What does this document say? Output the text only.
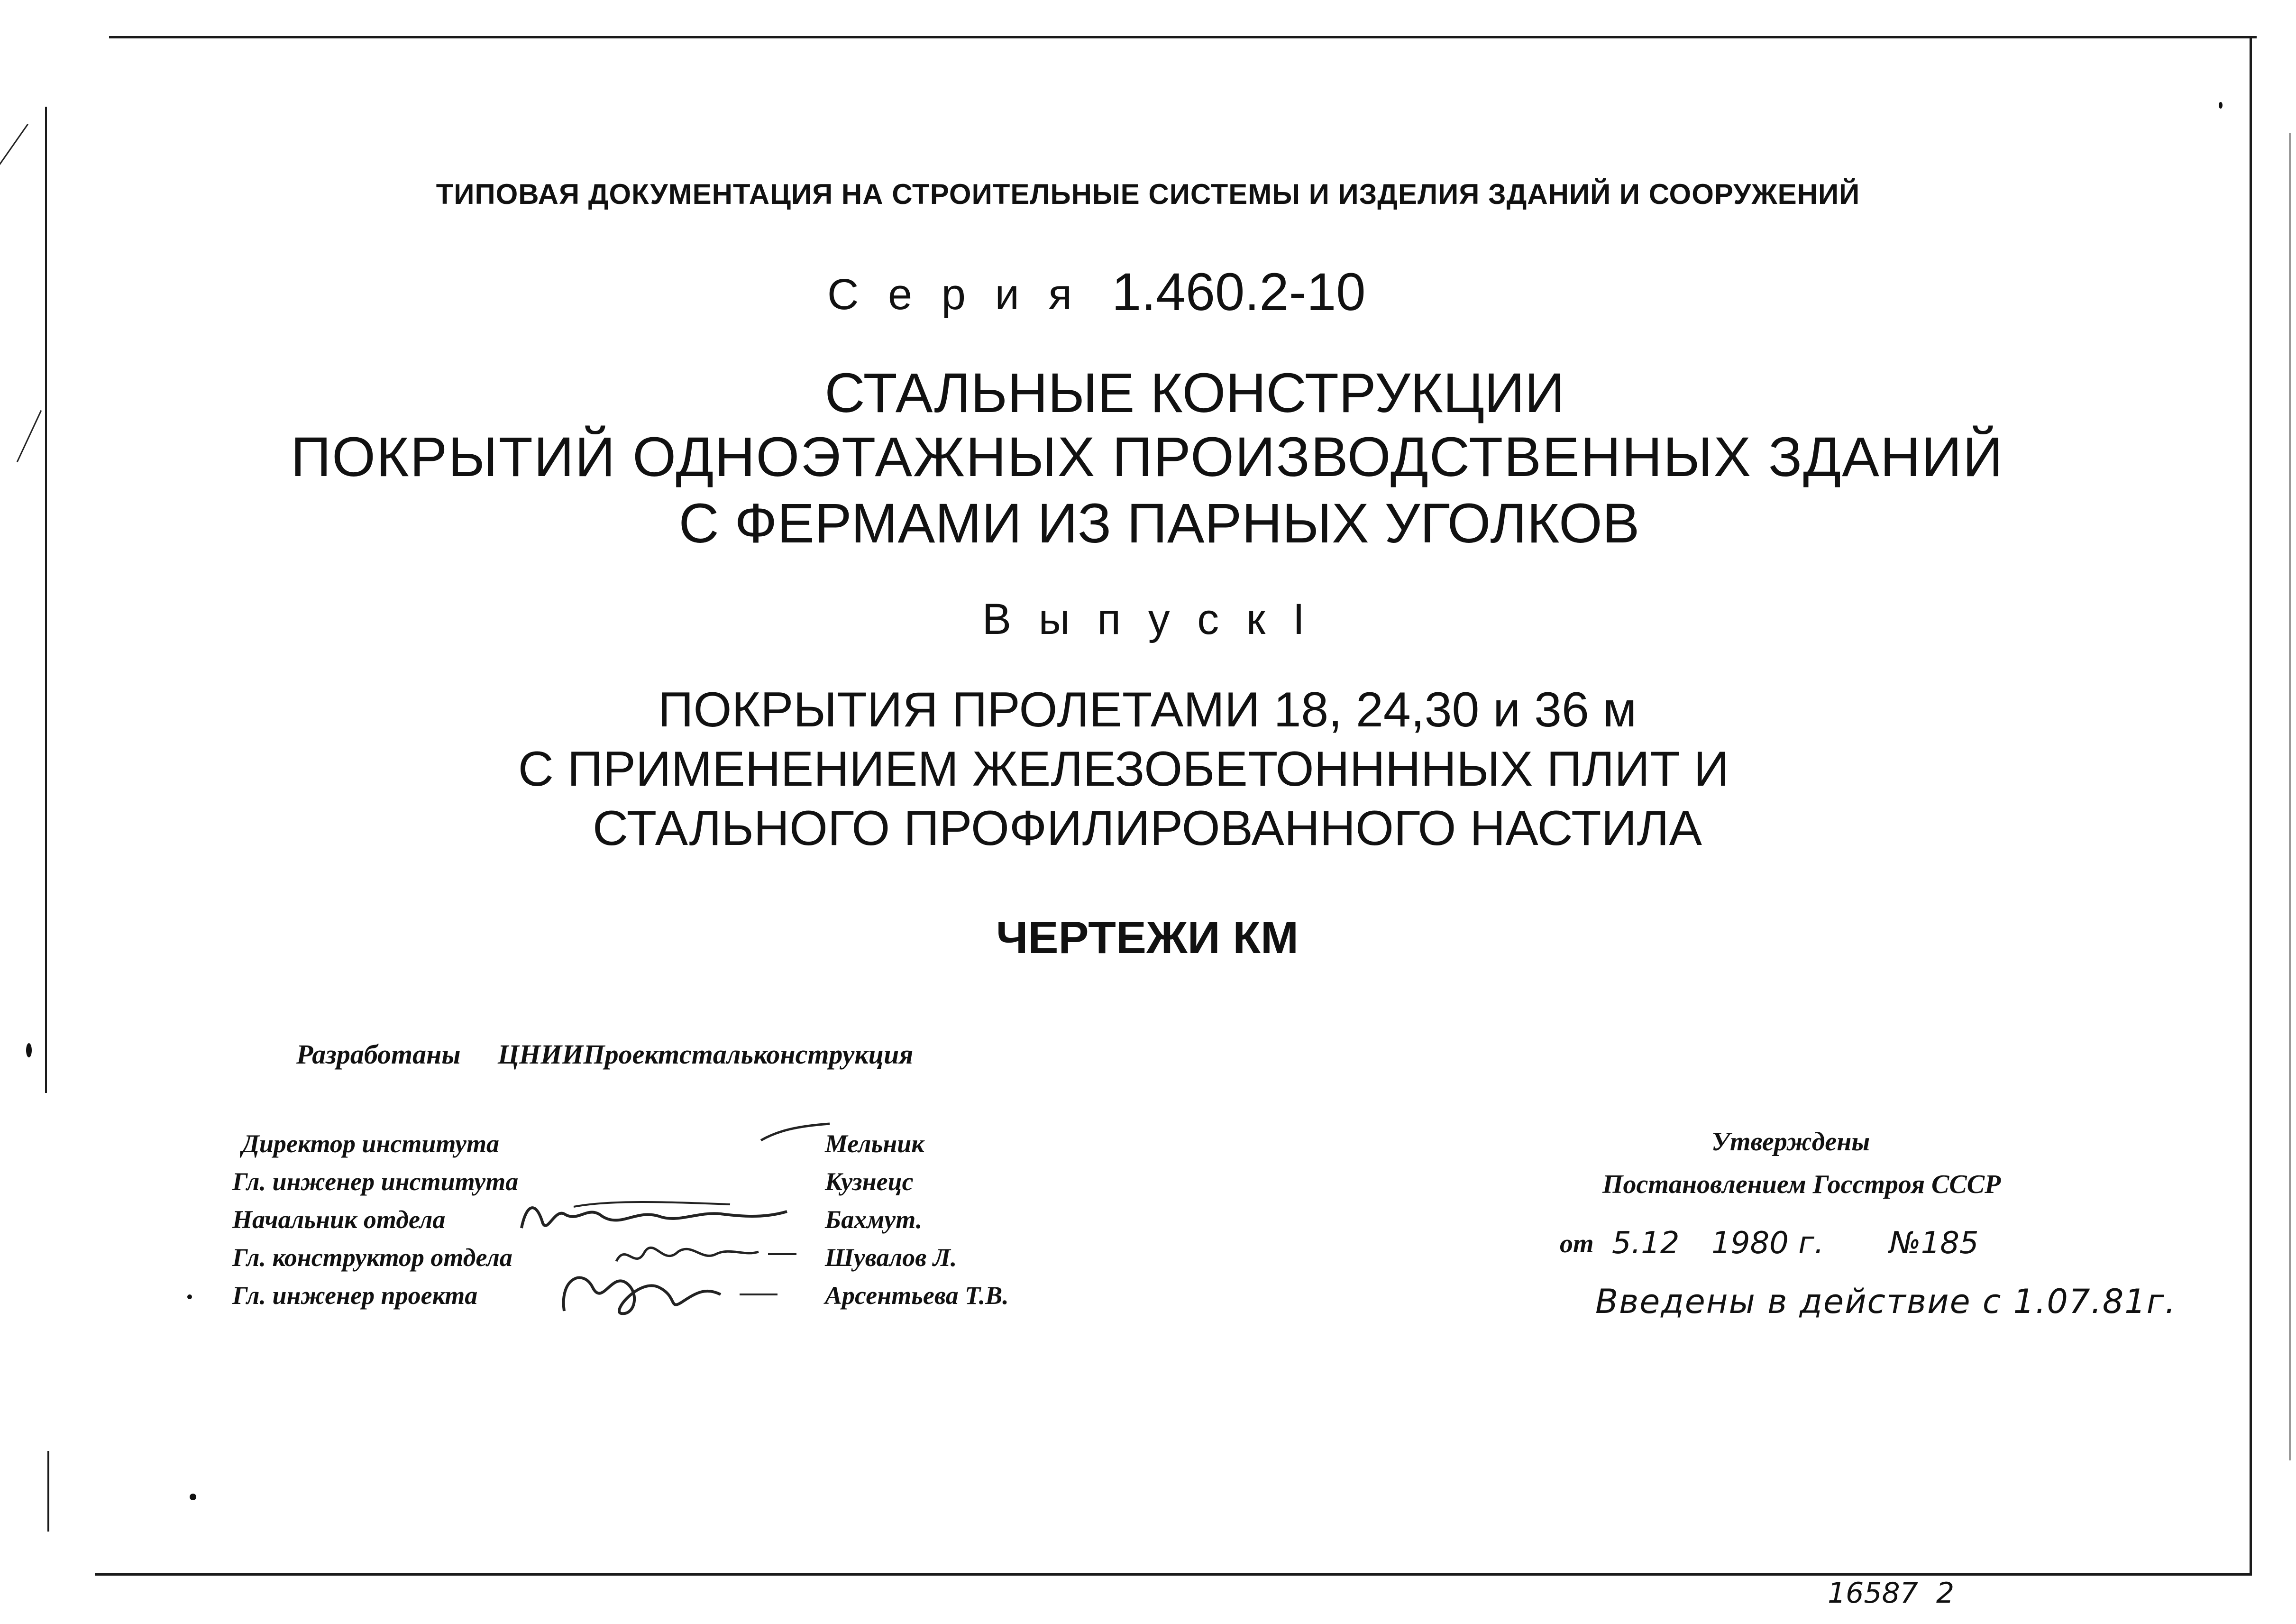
ТИПОВАЯ ДОКУМЕНТАЦИЯ НА СТРОИТЕЛЬНЫЕ СИСТЕМЫ И ИЗДЕЛИЯ ЗДАНИЙ И СООРУЖЕНИЙ
С е р и я 1.460.2-10
СТАЛЬНЫЕ КОНСТРУКЦИИ
ПОКРЫТИЙ ОДНОЭТАЖНЫХ ПРОИЗВОДСТВЕННЫХ ЗДАНИЙ
С ФЕРМАМИ ИЗ ПАРНЫХ УГОЛКОВ
В ы п у с к I
ПОКРЫТИЯ ПРОЛЕТАМИ 18, 24,30 и 36 м
С ПРИМЕНЕНИЕМ ЖЕЛЕЗОБЕТОННHНЫХ ПЛИТ И
СТАЛЬНОГО ПРОФИЛИРОВАННОГО НАСТИЛА
ЧЕРТЕЖИ КМ
Разработаны ЦНИИПроектстальконструкция
Директор института
Гл. инженер института
Начальник отдела
Гл. конструктор отдела
Гл. инженер проекта
Мельник
Кузнецс
Бахмут.
Шувалов Л.
Арсентьева Т.В.
Утверждены
Постановлением Госстроя СССР
от 5.12 1980 г. №185
Введены в действие с 1.07.81г.
16587  2
